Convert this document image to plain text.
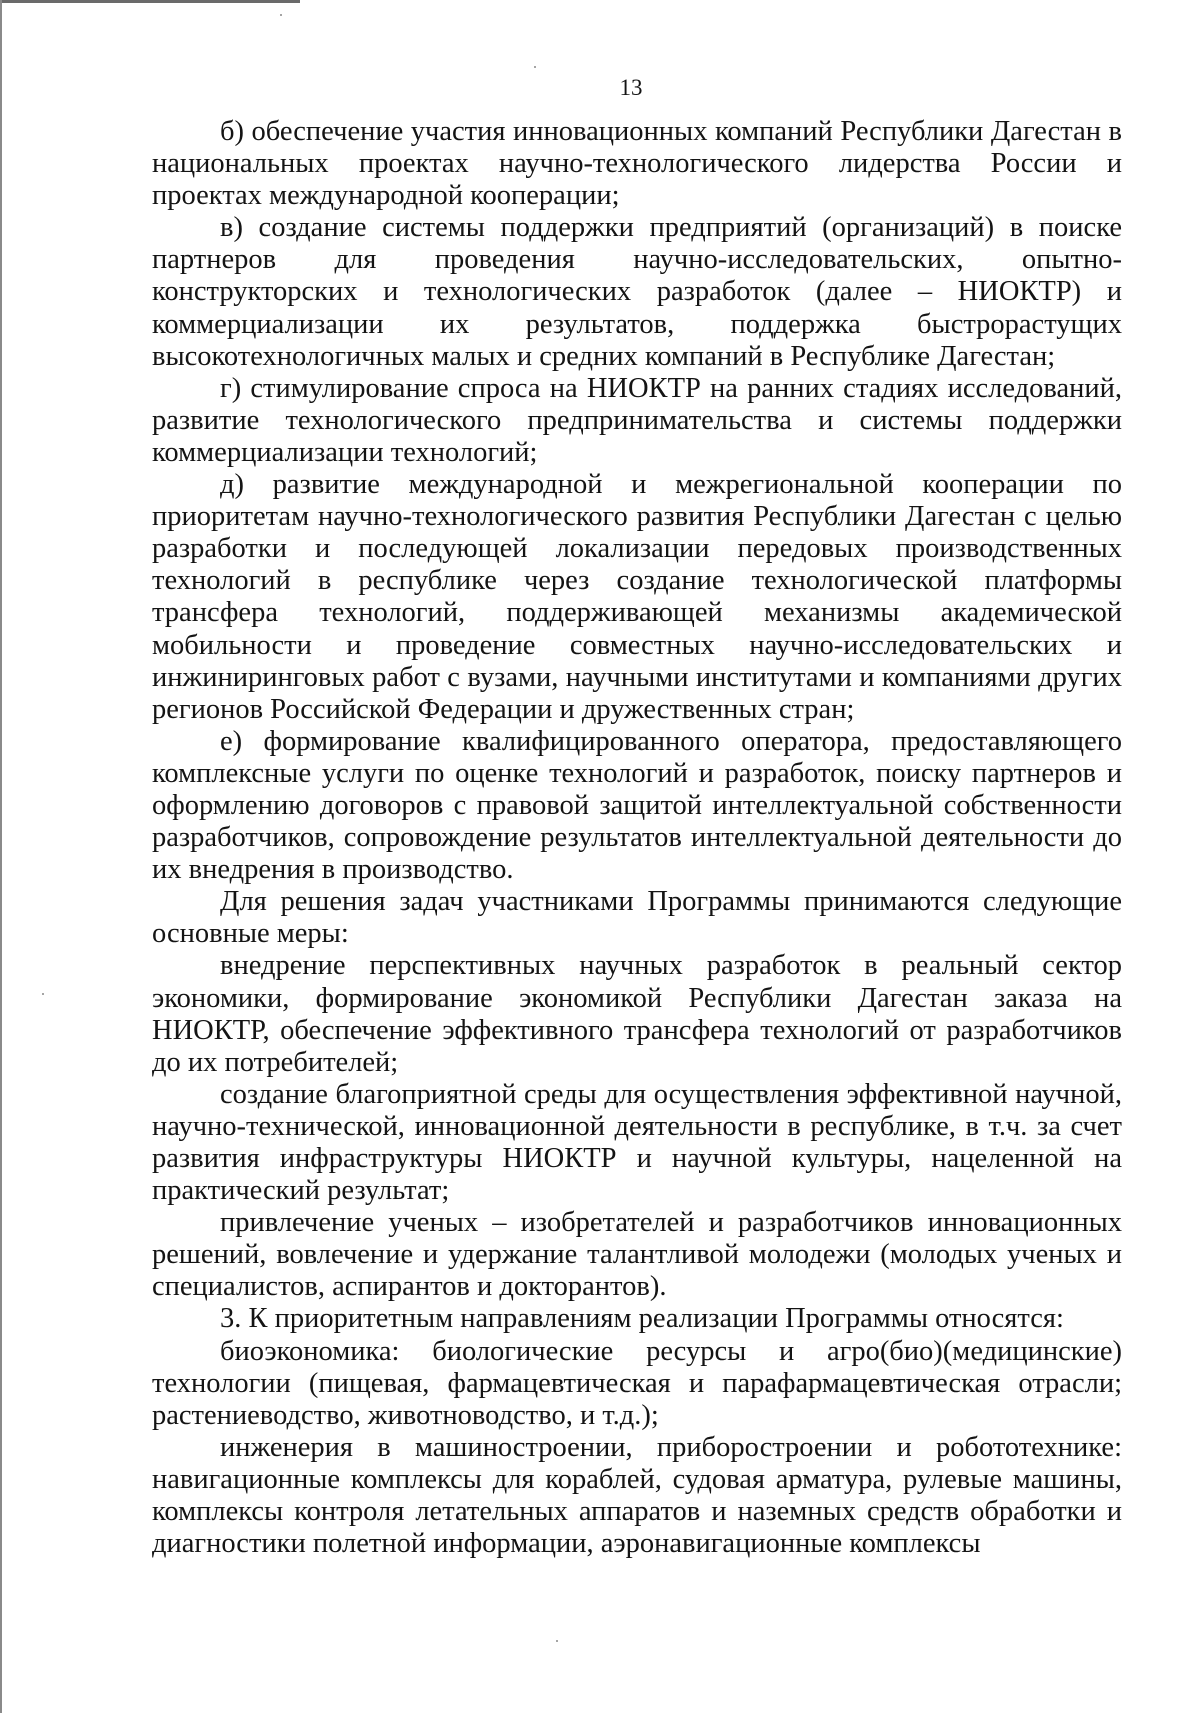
13

б) обеспечение участия инновационных компаний Республики Дагестан в национальных проектах научно-технологического лидерства России и проектах международной кооперации;

в) создание системы поддержки предприятий (организаций) в поиске партнеров для проведения научно-исследовательских, опытно-конструкторских и технологических разработок (далее – НИОКТР) и коммерциализации их результатов, поддержка быстрорастущих высокотехнологичных малых и средних компаний в Республике Дагестан;

г) стимулирование спроса на НИОКТР на ранних стадиях исследований, развитие технологического предпринимательства и системы поддержки коммерциализации технологий;

д) развитие международной и межрегиональной кооперации по приоритетам научно-технологического развития Республики Дагестан с целью разработки и последующей локализации передовых производственных технологий в республике через создание технологической платформы трансфера технологий, поддерживающей механизмы академической мобильности и проведение совместных научно-исследовательских и инжиниринговых работ с вузами, научными институтами и компаниями других регионов Российской Федерации и дружественных стран;

е) формирование квалифицированного оператора, предоставляющего комплексные услуги по оценке технологий и разработок, поиску партнеров и оформлению договоров с правовой защитой интеллектуальной собственности разработчиков, сопровождение результатов интеллектуальной деятельности до их внедрения в производство.

Для решения задач участниками Программы принимаются следующие основные меры:

внедрение перспективных научных разработок в реальный сектор экономики, формирование экономикой Республики Дагестан заказа на НИОКТР, обеспечение эффективного трансфера технологий от разработчиков до их потребителей;

создание благоприятной среды для осуществления эффективной научной, научно-технической, инновационной деятельности в республике, в т.ч. за счет развития инфраструктуры НИОКТР и научной культуры, нацеленной на практический результат;

привлечение ученых – изобретателей и разработчиков инновационных решений, вовлечение и удержание талантливой молодежи (молодых ученых и специалистов, аспирантов и докторантов).

3. К приоритетным направлениям реализации Программы относятся:

биоэкономика: биологические ресурсы и агро(био)(медицинские) технологии (пищевая, фармацевтическая и парафармацевтическая отрасли; растениеводство, животноводство, и т.д.);

инженерия в машиностроении, приборостроении и робототехнике: навигационные комплексы для кораблей, судовая арматура, рулевые машины, комплексы контроля летательных аппаратов и наземных средств обработки и диагностики полетной информации, аэронавигационные комплексы
